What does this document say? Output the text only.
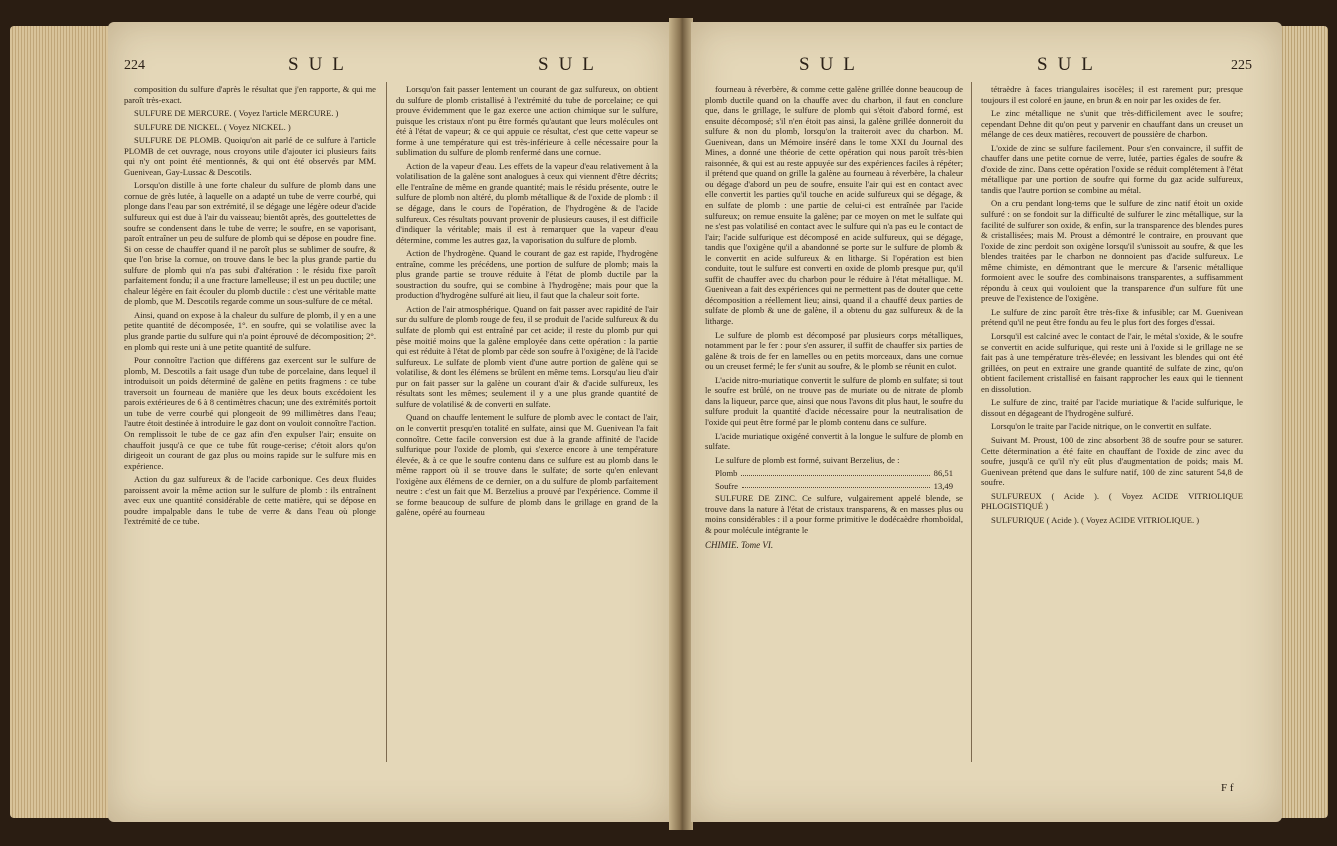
224	SUL	SUL

composition du sulfure d'après le résultat que j'en rapporte, & qui me paroît très-exact.

SULFURE DE MERCURE. ( Voyez l'article MERCURE. )

SULFURE DE NICKEL. ( Voyez NICKEL. )

SULFURE DE PLOMB. Quoiqu'on ait parlé de ce sulfure à l'article PLOMB de cet ouvrage, nous croyons utile d'ajouter ici plusieurs faits qui n'y ont point été mentionnés, & qui ont été observés par MM. Guenivean, Gay-Lussac & Descotils.

Lorsqu'on distille à une forte chaleur du sulfure de plomb dans une cornue de grès lutée, à laquelle on a adapté un tube de verre courbé, qui plonge dans l'eau par son extrémité, il se dégage une légère odeur d'acide sulfureux qui est due à l'air du vaisseau; bientôt après, des gouttelettes de soufre se condensent dans le tube de verre; le soufre, en se vaporisant, paroît entraîner un peu de sulfure de plomb qui se dépose en poudre fine. Si on cesse de chauffer quand il ne paroît plus se sublimer de soufre, & que l'on brise la cornue, on trouve dans le bec la plus grande partie du sulfure de plomb qui n'a pas subi d'altération : le résidu fixe paroît parfaitement fondu; il a une fracture lamelleuse; il est un peu ductile; une chaleur légère en fait écouler du plomb ductile : c'est une véritable matte de plomb, que M. Descotils regarde comme un sous-sulfure de ce métal.

Ainsi, quand on expose à la chaleur du sulfure de plomb, il y en a une petite quantité de décomposée, 1°. en soufre, qui se volatilise avec la plus grande partie du sulfure qui n'a point éprouvé de décomposition; 2°. en plomb qui reste uni à une petite quantité de sulfure.

Pour connoître l'action que différens gaz exercent sur le sulfure de plomb, M. Descotils a fait usage d'un tube de porcelaine, dans lequel il introduisoit un poids déterminé de galène en petits fragmens : ce tube traversoit un fourneau de manière que les deux bouts excédoient les parois extérieures de 6 à 8 centimètres chacun; une des extrémités portoit un tube de verre courbé qui plongeoit de 99 millimètres dans l'eau; l'autre étoit destinée à introduire le gaz dont on vouloit connoître l'action. On remplissoit le tube de ce gaz afin d'en expulser l'air; ensuite on chauffoit jusqu'à ce que ce tube fût rouge-cerise; c'étoit alors qu'on dirigeoit un courant de gaz plus ou moins rapide sur le sulfure mis en expérience.

Action du gaz sulfureux & de l'acide carbonique. Ces deux fluides paroissent avoir la même action sur le sulfure de plomb : ils entraînent avec eux une quantité considérable de cette matière, qui se dépose en poudre impalpable dans le tube de verre & dans l'eau où plonge l'extrémité de ce tube.

Lorsqu'on fait passer lentement un courant de gaz sulfureux, on obtient du sulfure de plomb cristallisé à l'extrémité du tube de porcelaine; ce qui prouve évidemment que le gaz exerce une action chimique sur le sulfure, puisque les cristaux n'ont pu être formés qu'autant que leurs molécules ont été à l'état de vapeur; & ce qui appuie ce résultat, c'est que cette vapeur se forme à une température qui est très-inférieure à celle nécessaire pour la sublimation du sulfure de plomb renfermé dans une cornue.

Action de la vapeur d'eau. Les effets de la vapeur d'eau relativement à la volatilisation de la galène sont analogues à ceux qui viennent d'être décrits; elle l'entraîne de même en grande quantité; mais le résidu présente, outre le sulfure de plomb non altéré, du plomb métallique & de l'oxide de plomb : il se dégage, dans le cours de l'opération, de l'hydrogène & de l'acide sulfureux. Ces résultats pouvant provenir de plusieurs causes, il est difficile d'indiquer la véritable; mais il est à remarquer que la vapeur d'eau détermine, comme les autres gaz, la vaporisation du sulfure de plomb.

Action de l'hydrogène. Quand le courant de gaz est rapide, l'hydrogène entraîne, comme les précédens, une portion de sulfure de plomb; mais la plus grande partie se trouve réduite à l'état de plomb ductile par la soustraction du soufre, qui se combine à l'hydrogène; mais pour que la production d'hydrogène sulfuré ait lieu, il faut que la chaleur soit forte.

Action de l'air atmosphérique. Quand on fait passer avec rapidité de l'air sur du sulfure de plomb rouge de feu, il se produit de l'acide sulfureux & du sulfate de plomb qui est entraîné par cet acide; il reste du plomb pur qui pèse moitié moins que la galène employée dans cette opération : la partie qui est réduite à l'état de plomb par cède son soufre à l'oxigène; de là l'acide sulfureux. Le sulfate de plomb vient d'une autre portion de galène qui se volatilise, & dont les élémens se brûlent en même tems. Lorsqu'au lieu d'air pur on fait passer sur la galène un courant d'air & d'acide sulfureux, les résultats sont les mêmes; seulement il y a une plus grande quantité de sulfure de volatilisé & de converti en sulfate.

Quand on chauffe lentement le sulfure de plomb avec le contact de l'air, on le convertit presqu'en totalité en sulfate, ainsi que M. Guenivean l'a fait connoître. Cette facile conversion est due à la grande affinité de l'acide sulfurique pour l'oxide de plomb, qui s'exerce encore à une température élevée, & à ce que le soufre contenu dans ce sulfure est au plomb dans le même rapport où il se trouve dans le sulfate; de sorte qu'en enlevant l'oxigène aux élémens de ce dernier, on a du sulfure de plomb parfaitement neutre : c'est un fait que M. Berzelius a prouvé par l'expérience. Comme il se forme beaucoup de sulfure de plomb dans le grillage en grand de la galène, opéré au fourneau

SUL	SUL	225

fourneau à réverbère, & comme cette galène grillée donne beaucoup de plomb ductile quand on la chauffe avec du charbon, il faut en conclure que, dans le grillage, le sulfure de plomb qui s'étoit d'abord formé, est ensuite décomposé; s'il n'en étoit pas ainsi, la galène grillée donneroit du sulfure & non du plomb, lorsqu'on la traiteroit avec du charbon. M. Guenivean, dans un Mémoire inséré dans le tome XXI du Journal des Mines, a donné une théorie de cette opération qui nous paroît très-bien raisonnée, & qui est au reste appuyée sur des expériences faciles à répéter; il prétend que quand on grille la galène au fourneau à réverbère, la chaleur ou dégage d'abord un peu de soufre, ensuite l'air qui est en contact avec elle convertit les parties qu'il touche en acide sulfureux qui se dégage, & en sulfate de plomb : une partie de celui-ci est entraînée par l'acide sulfureux; on remue ensuite la galène; par ce moyen on met le sulfate qui ne s'est pas volatilisé en contact avec le sulfure qui n'a pas eu le contact de l'air; l'acide sulfurique est décomposé en acide sulfureux, qui se dégage, tandis que l'oxigène qu'il a abandonné se porte sur le sulfure de plomb & le convertit en acide sulfureux & en litharge. Si l'opération est bien conduite, tout le sulfure est converti en oxide de plomb presque pur, qu'il suffit de chauffer avec du charbon pour le réduire à l'état métallique. M. Guenivean a fait des expériences qui ne permettent pas de douter que cette décomposition a réellement lieu; ainsi, quand il a chauffé deux parties de sulfate de plomb & une de galène, il a obtenu du gaz sulfureux & de la litharge.

Le sulfure de plomb est décomposé par plusieurs corps métalliques, notamment par le fer : pour s'en assurer, il suffit de chauffer six parties de galène & trois de fer en lamelles ou en petits morceaux, dans une cornue ou un creuset fermé; le fer s'unit au soufre, & le plomb se réunit en culot.

L'acide nitro-muriatique convertit le sulfure de plomb en sulfate; si tout le soufre est brûlé, on ne trouve pas de muriate ou de nitrate de plomb dans la liqueur, parce que, ainsi que nous l'avons dit plus haut, le soufre du sulfure produit la quantité d'acide nécessaire pour la neutralisation de l'oxide qui peut être formé par le plomb contenu dans ce sulfure.

L'acide muriatique oxigéné convertit à la longue le sulfure de plomb en sulfate.

Le sulfure de plomb est formé, suivant Berzelius, de :

Plomb	86,51
Soufre	13,49

SULFURE DE ZINC. Ce sulfure, vulgairement appelé blende, se trouve dans la nature à l'état de cristaux transparens, & en masses plus ou moins considérables : il a pour forme primitive le dodécaèdre rhomboïdal, & pour molécule intégrante le

CHIMIE. Tome VI.

tétraèdre à faces triangulaires isocèles; il est rarement pur; presque toujours il est coloré en jaune, en brun & en noir par les oxides de fer.

Le zinc métallique ne s'unit que très-difficilement avec le soufre; cependant Dehne dit qu'on peut y parvenir en chauffant dans un creuset un mélange de ces deux matières, recouvert de poussière de charbon.

L'oxide de zinc se sulfure facilement. Pour s'en convaincre, il suffit de chauffer dans une petite cornue de verre, lutée, parties égales de soufre & d'oxide de zinc. Dans cette opération l'oxide se réduit complétement à l'état métallique par une portion de soufre qui forme du gaz acide sulfureux, tandis que l'autre portion se combine au métal.

On a cru pendant long-tems que le sulfure de zinc natif étoit un oxide sulfuré : on se fondoit sur la difficulté de sulfurer le zinc métallique, sur la facilité de sulfurer son oxide, & enfin, sur la transparence des blendes pures & cristallisées; mais M. Proust a démontré le contraire, en prouvant que l'oxide de zinc perdoit son oxigène lorsqu'il s'unissoit au soufre, & que les blendes traitées par le charbon ne donnoient pas d'acide sulfureux. Le même chimiste, en démontrant que le mercure & l'arsenic métallique formoient avec le soufre des combinaisons transparentes, a suffisamment répondu à ceux qui vouloient que la transparence d'un sulfure fût une preuve de l'existence de l'oxigène.

Le sulfure de zinc paroît être très-fixe & infusible; car M. Guenivean prétend qu'il ne peut être fondu au feu le plus fort des forges d'essai.

Lorsqu'il est calciné avec le contact de l'air, le métal s'oxide, & le soufre se convertit en acide sulfurique, qui reste uni à l'oxide si le grillage ne se fait pas à une température très-élevée; en lessivant les blendes qui ont été grillées, on peut en extraire une grande quantité de sulfate de zinc, qu'on obtient facilement cristallisé en faisant rapprocher les eaux qui le tiennent en dissolution.

Le sulfure de zinc, traité par l'acide muriatique & l'acide sulfurique, le dissout en dégageant de l'hydrogène sulfuré.

Lorsqu'on le traite par l'acide nitrique, on le convertit en sulfate.

Suivant M. Proust, 100 de zinc absorbent 38 de soufre pour se saturer. Cette détermination a été faite en chauffant de l'oxide de zinc avec du soufre, jusqu'à ce qu'il n'y eût plus d'augmentation de poids; mais M. Guenivean prétend que dans le sulfure natif, 100 de zinc saturent 54,8 de soufre.

SULFUREUX ( Acide ). ( Voyez ACIDE VITRIOLIQUE PHLOGISTIQUÉ )

SULFURIQUE ( Acide ). ( Voyez ACIDE VITRIOLIQUE. )

F f
